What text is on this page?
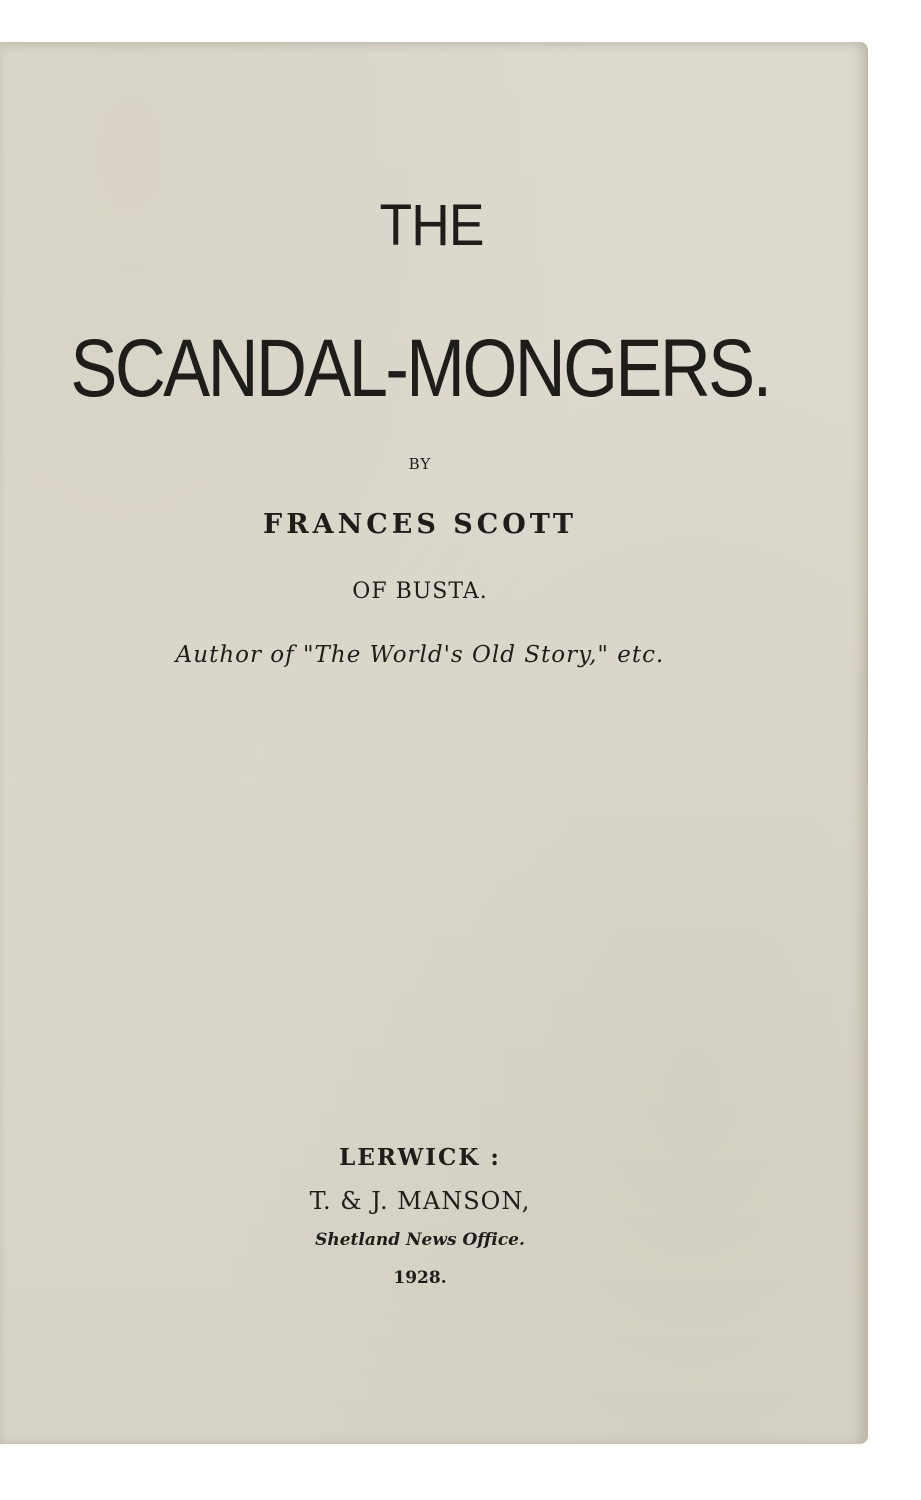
THE
SCANDAL-MONGERS.
BY
FRANCES SCOTT
OF BUSTA.
Author of "The World's Old Story," etc.
LERWICK :
T. & J. MANSON,
Shetland News Office.
1928.
